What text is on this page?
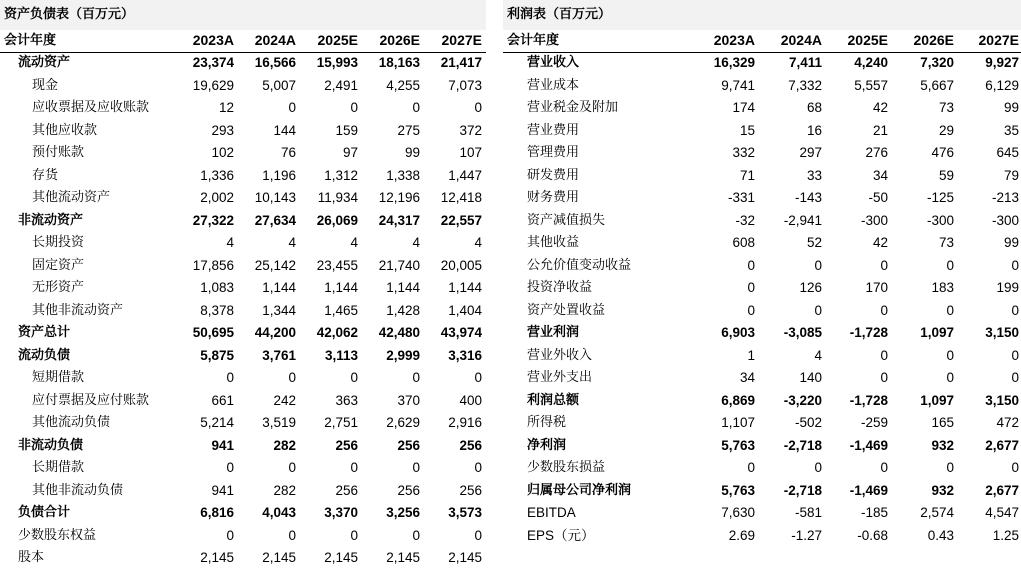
资产负债表（百万元）
会计年度	2023A	2024A	2025E	2026E	2027E
流动资产	23,374	16,566	15,993	18,163	21,417
现金	19,629	5,007	2,491	4,255	7,073
应收票据及应收账款	12	0	0	0	0
其他应收款	293	144	159	275	372
预付账款	102	76	97	99	107
存货	1,336	1,196	1,312	1,338	1,447
其他流动资产	2,002	10,143	11,934	12,196	12,418
非流动资产	27,322	27,634	26,069	24,317	22,557
长期投资	4	4	4	4	4
固定资产	17,856	25,142	23,455	21,740	20,005
无形资产	1,083	1,144	1,144	1,144	1,144
其他非流动资产	8,378	1,344	1,465	1,428	1,404
资产总计	50,695	44,200	42,062	42,480	43,974
流动负债	5,875	3,761	3,113	2,999	3,316
短期借款	0	0	0	0	0
应付票据及应付账款	661	242	363	370	400
其他流动负债	5,214	3,519	2,751	2,629	2,916
非流动负债	941	282	256	256	256
长期借款	0	0	0	0	0
其他非流动负债	941	282	256	256	256
负债合计	6,816	4,043	3,370	3,256	3,573
少数股东权益	0	0	0	0	0
股本	2,145	2,145	2,145	2,145	2,145
利润表（百万元）
会计年度	2023A	2024A	2025E	2026E	2027E
营业收入	16,329	7,411	4,240	7,320	9,927
营业成本	9,741	7,332	5,557	5,667	6,129
营业税金及附加	174	68	42	73	99
营业费用	15	16	21	29	35
管理费用	332	297	276	476	645
研发费用	71	33	34	59	79
财务费用	-331	-143	-50	-125	-213
资产减值损失	-32	-2,941	-300	-300	-300
其他收益	608	52	42	73	99
公允价值变动收益	0	0	0	0	0
投资净收益	0	126	170	183	199
资产处置收益	0	0	0	0	0
营业利润	6,903	-3,085	-1,728	1,097	3,150
营业外收入	1	4	0	0	0
营业外支出	34	140	0	0	0
利润总额	6,869	-3,220	-1,728	1,097	3,150
所得税	1,107	-502	-259	165	472
净利润	5,763	-2,718	-1,469	932	2,677
少数股东损益	0	0	0	0	0
归属母公司净利润	5,763	-2,718	-1,469	932	2,677
EBITDA	7,630	-581	-185	2,574	4,547
EPS（元）	2.69	-1.27	-0.68	0.43	1.25
